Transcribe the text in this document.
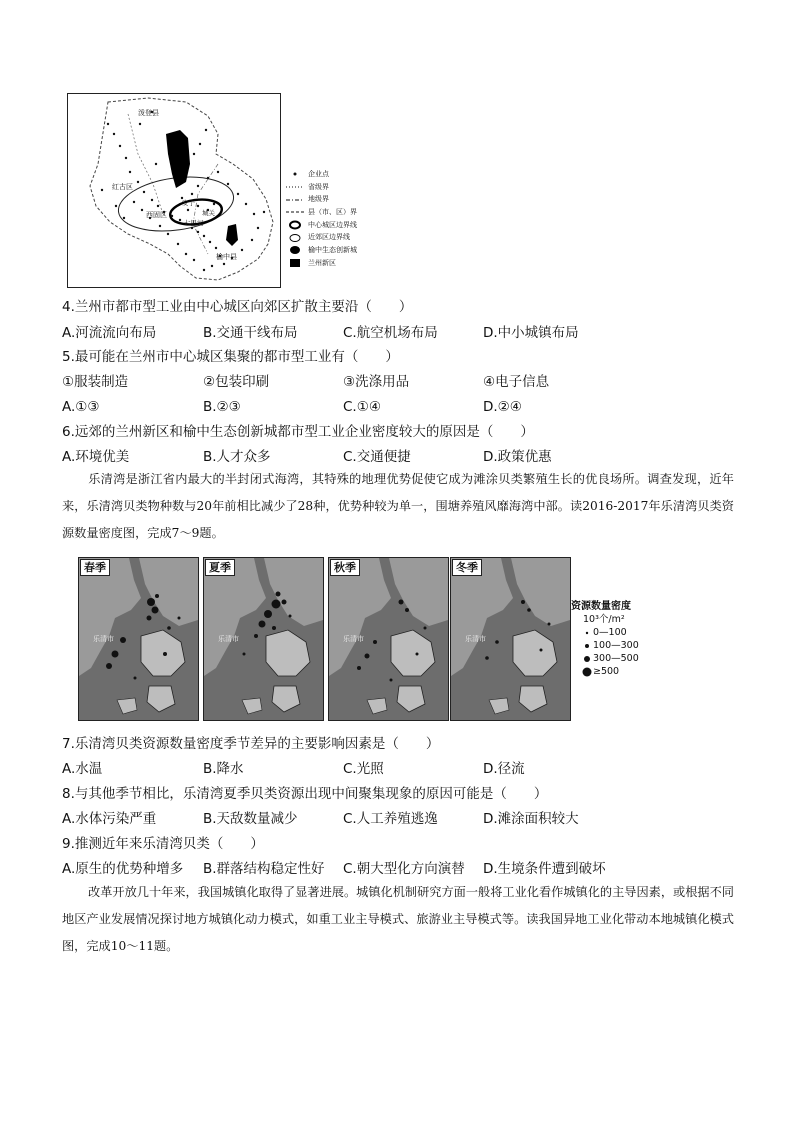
泼登县
红古区
西固区
安宁
城关
七里河
榆中县
企业点
省级界
地级界
县（市、区）界
中心城区边界线
近郊区边界线
榆中生态创新城
兰州新区
4.兰州市都市型工业由中心城区向郊区扩散主要沿（　　）
A.河流流向布局	B.交通干线布局	C.航空机场布局	D.中小城镇布局
5.最可能在兰州市中心城区集聚的都市型工业有（　　）
①服装制造	②包装印刷	③洗涤用品	④电子信息
A.①③	B.②③	C.①④	D.②④
6.远郊的兰州新区和榆中生态创新城都市型工业企业密度较大的原因是（　　）
A.环境优美	B.人才众多	C.交通便捷	D.政策优惠
乐清湾是浙江省内最大的半封闭式海湾，其特殊的地理优势促使它成为滩涂贝类繁殖生长的优良场所。调查发现，近年来，乐清湾贝类物种数与20年前相比减少了28种，优势种较为单一，围塘养殖风靡海湾中部。读2016-2017年乐清湾贝类资源数量密度图，完成7～9题。
春季
乐清市
夏季
乐清市
秋季
乐清市
冬季
乐清市
资源数量密度
10³个/m²
0—100
100—300
300—500
≥500
7.乐清湾贝类资源数量密度季节差异的主要影响因素是（　　）
A.水温	B.降水	C.光照	D.径流
8.与其他季节相比，乐清湾夏季贝类资源出现中间聚集现象的原因可能是（　　）
A.水体污染严重	B.天敌数量减少	C.人工养殖逃逸	D.滩涂面积较大
9.推测近年来乐清湾贝类（　　）
A.原生的优势种增多 B.群落结构稳定性好 C.朝大型化方向演替 D.生境条件遭到破坏
改革开放几十年来，我国城镇化取得了显著进展。城镇化机制研究方面一般将工业化看作城镇化的主导因素，或根据不同地区产业发展情况探讨地方城镇化动力模式，如重工业主导模式、旅游业主导模式等。读我国异地工业化带动本地城镇化模式图，完成10～11题。
